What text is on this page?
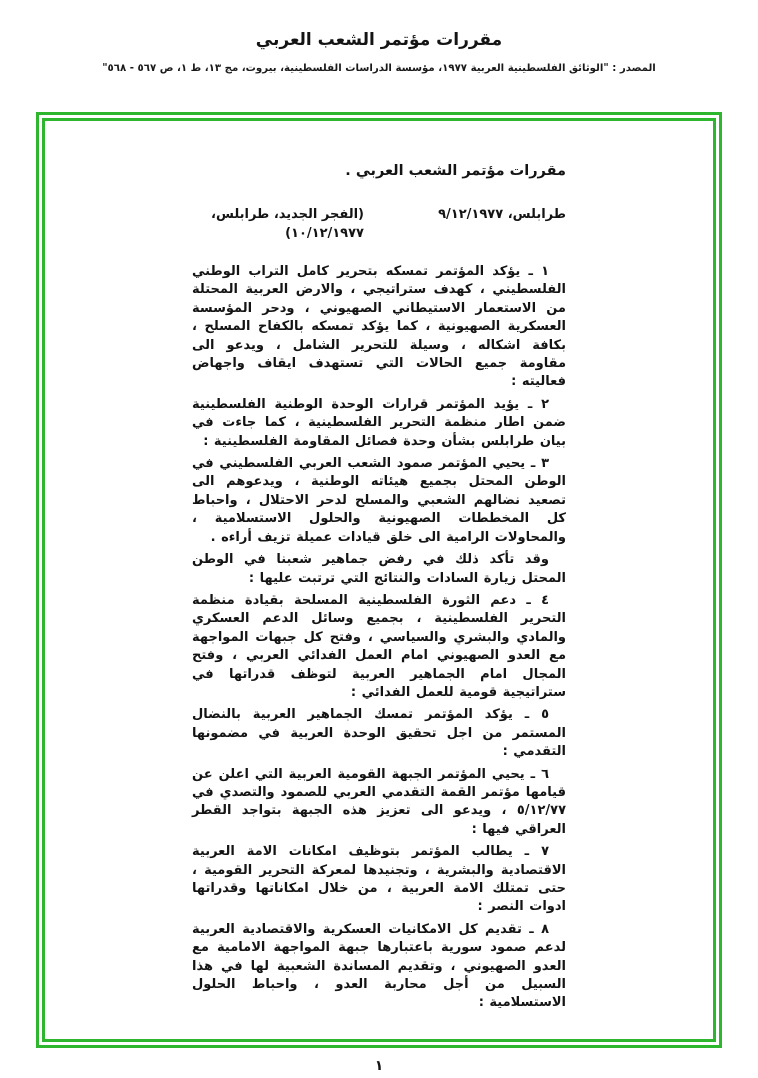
مقررات مؤتمر الشعب العربي
المصدر : "الوثائق الفلسطينية العربية ١٩٧٧، مؤسسة الدراسات الفلسطينية، بيروت، مج ١٣، ط ١، ص ٥٦٧ - ٥٦٨"
مقررات مؤتمر الشعب العربي .
طرابلس، ٩/١٢/١٩٧٧
(الفجر الجديد، طرابلس، ١٠/١٢/١٩٧٧)

١ ـ يؤكد المؤتمر تمسكه بتحرير كامل التراب الوطني الفلسطيني ، كهدف ستراتيجي ، والارض العربية المحتلة من الاستعمار الاستيطاني الصهيوني ، ودحر المؤسسة العسكرية الصهيونية ، كما يؤكد تمسكه بالكفاح المسلح ، بكافة اشكاله ، وسيلة للتحرير الشامل ، ويدعو الى مقاومة جميع الحالات التي تستهدف ايقاف واجهاض فعاليته :

٢ ـ يؤيد المؤتمر قرارات الوحدة الوطنية الفلسطينية ضمن اطار منظمة التحرير الفلسطينية ، كما جاءت في بيان طرابلس بشأن وحدة فصائل المقاومة الفلسطينية :

٣ ـ يحيي المؤتمر صمود الشعب العربي الفلسطيني في الوطن المحتل بجميع هيئاته الوطنية ، ويدعوهم الى تصعيد نضالهم الشعبي والمسلح لدحر الاحتلال ، واحباط كل المخططات الصهيونية والحلول الاستسلامية ، والمحاولات الرامية الى خلق قيادات عميلة تزيف أراءه .

وقد تأكد ذلك في رفض جماهير شعبنا في الوطن المحتل زيارة السادات والنتائج التي ترتبت عليها :

٤ ـ دعم الثورة الفلسطينية المسلحة بقيادة منظمة التحرير الفلسطينية ، بجميع وسائل الدعم العسكري والمادي والبشري والسياسي ، وفتح كل جبهات المواجهة مع العدو الصهيوني امام العمل الفدائي العربي ، وفتح المجال امام الجماهير العربية لتوظف قدراتها في ستراتيجية قومية للعمل الفدائي :

٥ ـ يؤكد المؤتمر تمسك الجماهير العربية بالنضال المستمر من اجل تحقيق الوحدة العربية في مضمونها التقدمي :

٦ ـ يحيي المؤتمر الجبهة القومية العربية التي اعلن عن قيامها مؤتمر القمة التقدمي العربي للصمود والتصدي في ٥/١٢/٧٧ ، ويدعو الى تعزيز هذه الجبهة بتواجد القطر العراقي فيها :

٧ ـ يطالب المؤتمر بتوظيف امكانات الامة العربية الاقتصادية والبشرية ، وتجنيدها لمعركة التحرير القومية ، حتى تمتلك الامة العربية ، من خلال امكاناتها وقدراتها ادوات النصر :

٨ ـ تقديم كل الامكانيات العسكرية والاقتصادية العربية لدعم صمود سورية باعتبارها جبهة المواجهة الامامية مع العدو الصهيوني ، وتقديم المساندة الشعبية لها في هذا السبيل من أجل محاربة العدو ، واحباط الحلول الاستسلامية :

١
